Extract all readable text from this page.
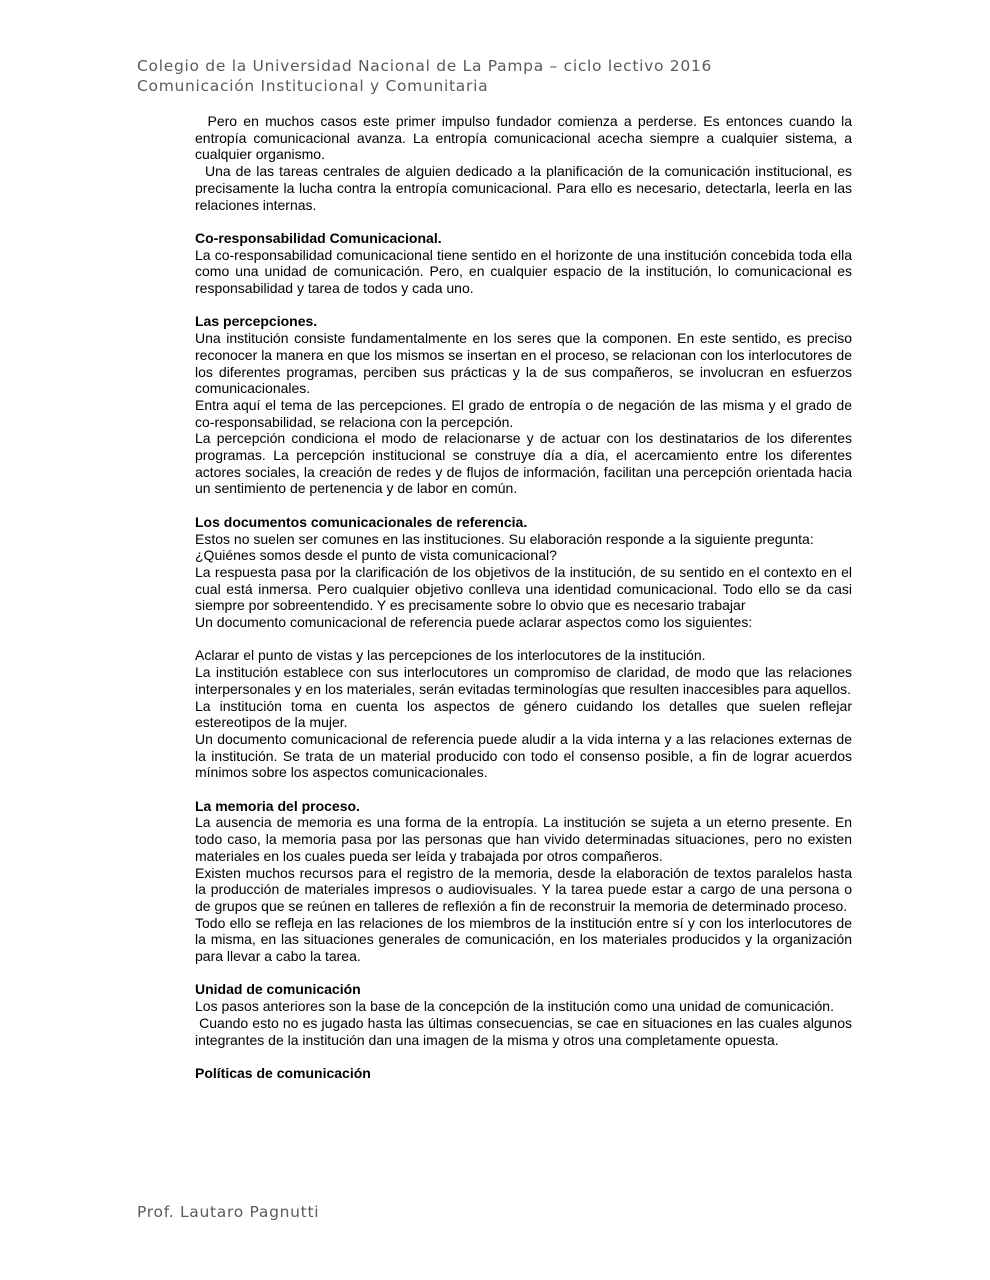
Colegio de la Universidad Nacional de La Pampa – ciclo lectivo 2016
Comunicación Institucional y Comunitaria

Pero en muchos casos este primer impulso fundador comienza a perderse. Es entonces cuando la entropía comunicacional avanza. La entropía comunicacional acecha siempre a cualquier sistema, a cualquier organismo.

Una de las tareas centrales de alguien dedicado a la planificación de la comunicación institucional, es precisamente la lucha contra la entropía comunicacional. Para ello es necesario, detectarla, leerla en las relaciones internas.

Co-responsabilidad Comunicacional.

La co-responsabilidad comunicacional tiene sentido en el horizonte de una institución concebida toda ella como una unidad de comunicación. Pero, en cualquier espacio de la institución, lo comunicacional es responsabilidad y tarea de todos y cada uno.

Las percepciones.

Una institución consiste fundamentalmente en los seres que la componen. En este sentido, es preciso reconocer la manera en que los mismos se insertan en el proceso, se relacionan con los interlocutores de los diferentes programas, perciben sus prácticas y la de sus compañeros, se involucran en esfuerzos comunicacionales.

Entra aquí el tema de las percepciones. El grado de entropía o de negación de las misma y el grado de co-responsabilidad, se relaciona con la percepción.

La percepción condiciona el modo de relacionarse y de actuar con los destinatarios de los diferentes programas. La percepción institucional se construye día a día, el acercamiento entre los diferentes actores sociales, la creación de redes y de flujos de información, facilitan una percepción orientada hacia un sentimiento de pertenencia y de labor en común.

Los documentos comunicacionales de referencia.

Estos no suelen ser comunes en las instituciones. Su elaboración responde a la siguiente pregunta:

¿Quiénes somos desde el punto de vista comunicacional?

La respuesta pasa por la clarificación de los objetivos de la institución, de su sentido en el contexto en el cual está inmersa. Pero cualquier objetivo conlleva una identidad comunicacional. Todo ello se da casi siempre por sobreentendido. Y es precisamente sobre lo obvio que es necesario trabajar

Un documento comunicacional de referencia puede aclarar aspectos como los siguientes:

Aclarar el punto de vistas y las percepciones de los interlocutores de la institución.

La institución establece con sus interlocutores un compromiso de claridad, de modo que las relaciones interpersonales y en los materiales, serán evitadas terminologías que resulten inaccesibles para aquellos.

La institución toma en cuenta los aspectos de género cuidando los detalles que suelen reflejar estereotipos de la mujer.

Un documento comunicacional de referencia puede aludir a la vida interna y a las relaciones externas de la institución. Se trata de un material producido con todo el consenso posible, a fin de lograr acuerdos mínimos sobre los aspectos comunicacionales.

La memoria del proceso.

La ausencia de memoria es una forma de la entropía. La institución se sujeta a un eterno presente. En todo caso, la memoria pasa por las personas que han vivido determinadas situaciones, pero no existen materiales en los cuales pueda ser leída y trabajada por otros compañeros.

Existen muchos recursos para el registro de la memoria, desde la elaboración de textos paralelos hasta la producción de materiales impresos o audiovisuales. Y la tarea puede estar a cargo de una persona o de grupos que se reúnen en talleres de reflexión a fin de reconstruir la memoria de determinado proceso.

Todo ello se refleja en las relaciones de los miembros de la institución entre sí y con los interlocutores de la misma, en las situaciones generales de comunicación, en los materiales producidos y la organización para llevar a cabo la tarea.

Unidad de comunicación

Los pasos anteriores son la base de la concepción de la institución como una unidad de comunicación.

Cuando esto no es jugado hasta las últimas consecuencias, se cae en situaciones en las cuales algunos integrantes de la institución dan una imagen de la misma y otros una completamente opuesta.

Políticas de comunicación
Prof. Lautaro Pagnutti
